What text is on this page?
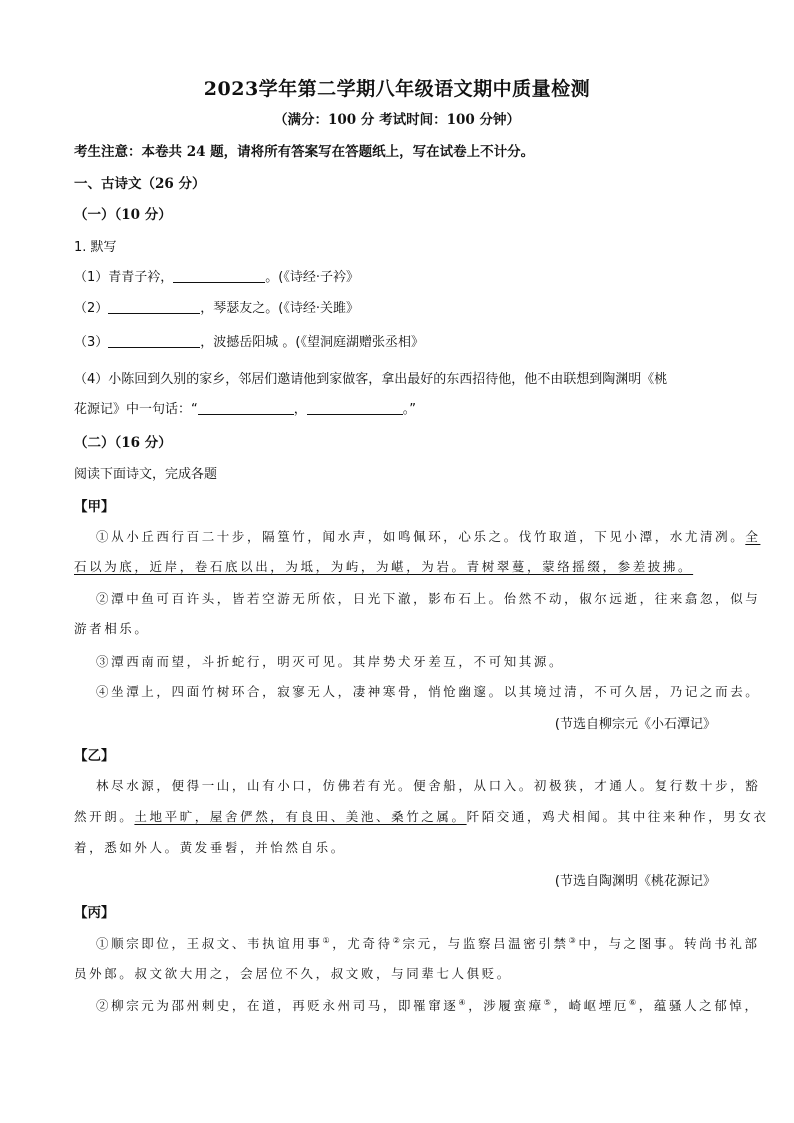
2023学年第二学期八年级语文期中质量检测
（满分：100 分 考试时间：100 分钟）
考生注意：本卷共 24 题，请将所有答案写在答题纸上，写在试卷上不计分。
一、古诗文（26 分）
（一）（10 分）
1. 默写
（1）青青子衿，	。(《诗经·子衿》
（2）	，琴瑟友之。(《诗经·关雎》
（3）	，波撼岳阳城 。(《望洞庭湖赠张丞相》
（4）小陈回到久别的家乡，邻居们邀请他到家做客，拿出最好的东西招待他，他不由联想到陶渊明《桃
花源记》中一句话：“	，	。”
（二）（16 分）
阅读下面诗文，完成各题
【甲】
①从小丘西行百二十步，隔篁竹，闻水声，如鸣佩环，心乐之。伐竹取道，下见小潭，水尤清冽。全
石以为底，近岸，卷石底以出，为坻，为屿，为嵁，为岩。青树翠蔓，蒙络摇缀，参差披拂。
②潭中鱼可百许头，皆若空游无所依，日光下澈，影布石上。佁然不动，俶尔远逝，往来翕忽，似与
游者相乐。
③潭西南而望，斗折蛇行，明灭可见。其岸势犬牙差互，不可知其源。
④坐潭上，四面竹树环合，寂寥无人，凄神寒骨，悄怆幽邃。以其境过清，不可久居，乃记之而去。
(节选自柳宗元《小石潭记》
【乙】
林尽水源，便得一山，山有小口，仿佛若有光。便舍船，从口入。初极狭，才通人。复行数十步，豁
然开朗。土地平旷，屋舍俨然，有良田、美池、桑竹之属。阡陌交通，鸡犬相闻。其中往来种作，男女衣
着，悉如外人。黄发垂髫，并怡然自乐。
(节选自陶渊明《桃花源记》
【丙】
①顺宗即位，王叔文、韦执谊用事①，尤奇待②宗元，与监察吕温密引禁③中，与之图事。转尚书礼部
员外郎。叔文欲大用之，会居位不久，叔文败，与同辈七人俱贬。
②柳宗元为邵州刺史，在道，再贬永州司马，即罹窜逐④，涉履蛮瘴⑤，崎岖堙厄⑥，蕴骚人之郁悼，
